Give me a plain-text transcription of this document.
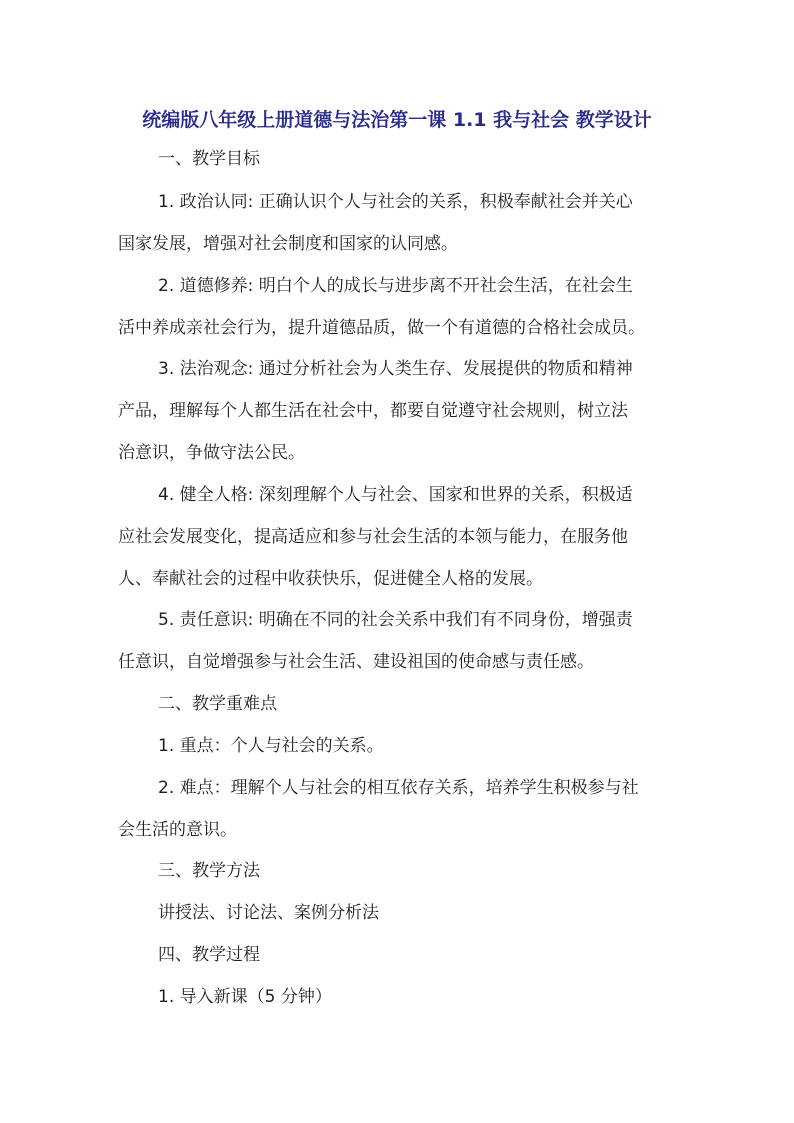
统编版八年级上册道德与法治第一课 1.1 我与社会 教学设计
一、教学目标
1. 政治认同: 正确认识个人与社会的关系，积极奉献社会并关心
国家发展，增强对社会制度和国家的认同感。
2. 道德修养: 明白个人的成长与进步离不开社会生活，在社会生
活中养成亲社会行为，提升道德品质，做一个有道德的合格社会成员。
3. 法治观念: 通过分析社会为人类生存、发展提供的物质和精神
产品，理解每个人都生活在社会中，都要自觉遵守社会规则，树立法
治意识，争做守法公民。
4. 健全人格: 深刻理解个人与社会、国家和世界的关系，积极适
应社会发展变化，提高适应和参与社会生活的本领与能力，在服务他
人、奉献社会的过程中收获快乐，促进健全人格的发展。
5. 责任意识: 明确在不同的社会关系中我们有不同身份，增强责
任意识，自觉增强参与社会生活、建设祖国的使命感与责任感。
二、教学重难点
1. 重点：个人与社会的关系。
2. 难点：理解个人与社会的相互依存关系，培养学生积极参与社
会生活的意识。
三、教学方法
讲授法、讨论法、案例分析法
四、教学过程
1. 导入新课（5 分钟）
